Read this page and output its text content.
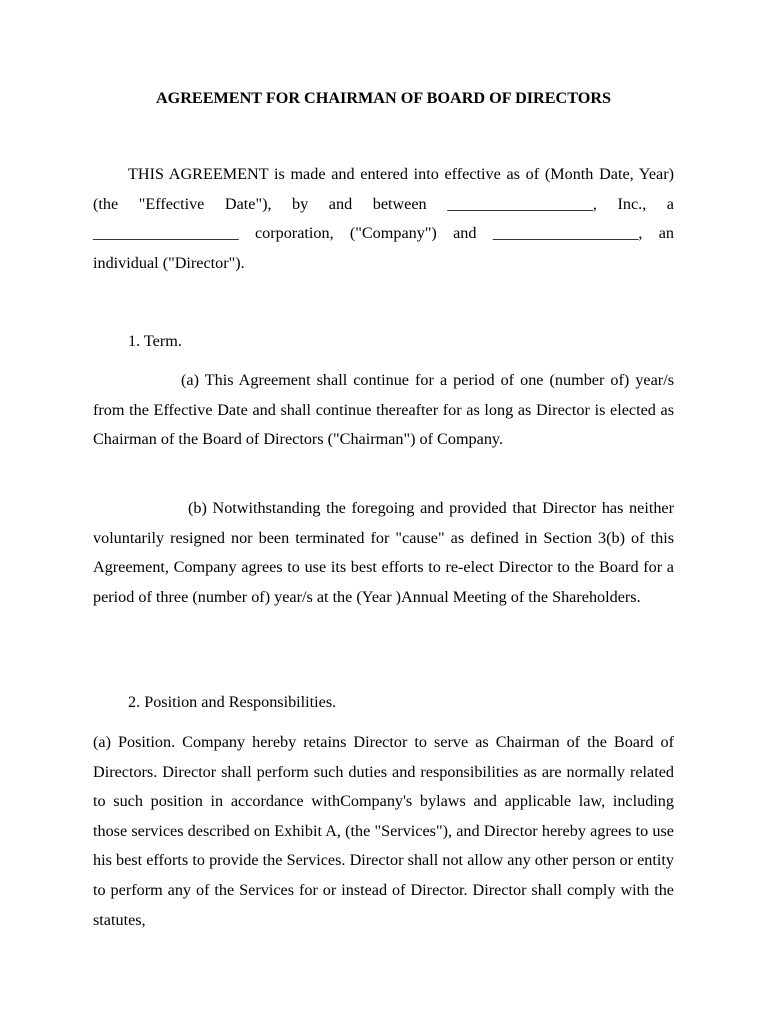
AGREEMENT FOR CHAIRMAN OF BOARD OF DIRECTORS

THIS AGREEMENT is made and entered into effective as of (Month Date, Year) (the "Effective Date"), by and between __________________, Inc., a __________________ corporation, ("Company") and __________________, an individual ("Director").

1. Term.

(a) This Agreement shall continue for a period of one (number of) year/s from the Effective Date and shall continue thereafter for as long as Director is elected as Chairman of the Board of Directors ("Chairman") of Company.

(b) Notwithstanding the foregoing and provided that Director has neither voluntarily resigned nor been terminated for "cause" as defined in Section 3(b) of this Agreement, Company agrees to use its best efforts to re-elect Director to the Board for a period of three (number of) year/s at the (Year )Annual Meeting of the Shareholders.

2. Position and Responsibilities.

(a) Position. Company hereby retains Director to serve as Chairman of the Board of Directors. Director shall perform such duties and responsibilities as are normally related to such position in accordance withCompany's bylaws and applicable law, including those services described on Exhibit A, (the "Services"), and Director hereby agrees to use his best efforts to provide the Services. Director shall not allow any other person or entity to perform any of the Services for or instead of Director. Director shall comply with the statutes,
